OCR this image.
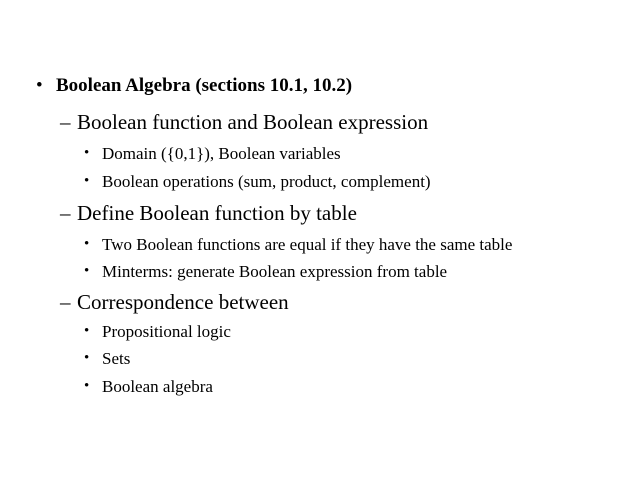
• Boolean Algebra (sections 10.1, 10.2)
– Boolean function and Boolean expression
• Domain ({0,1}), Boolean variables
• Boolean operations (sum, product, complement)
– Define Boolean function by table
• Two Boolean functions are equal if they have the same table
• Minterms: generate Boolean expression from table
– Correspondence between
• Propositional logic
• Sets
• Boolean algebra
